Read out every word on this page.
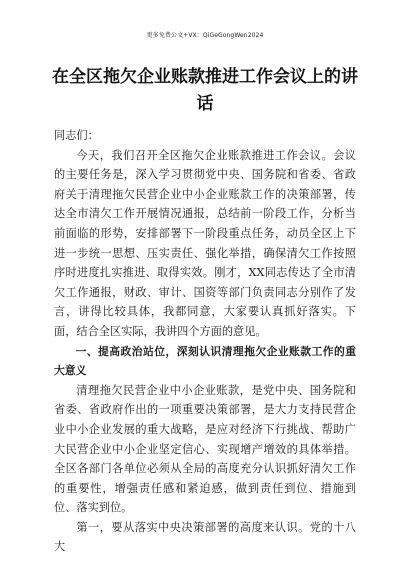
更多免费公文+VX：QiGeGongWen2024
在全区拖欠企业账款推进工作会议上的讲话

同志们：

今天，我们召开全区拖欠企业账款推进工作会议。会议的主要任务是，深入学习贯彻党中央、国务院和省委、省政府关于清理拖欠民营企业中小企业账款工作的决策部署，传达全市清欠工作开展情况通报，总结前一阶段工作，分析当前面临的形势，安排部署下一阶段重点任务，动员全区上下进一步统一思想、压实责任、强化举措，确保清欠工作按照序时进度扎实推进、取得实效。刚才，XX同志传达了全市清欠工作通报，财政、审计、国资等部门负责同志分别作了发言，讲得比较具体，我都同意，大家要认真抓好落实。下面，结合全区实际，我讲四个方面的意见。

一、提高政治站位，深刻认识清理拖欠企业账款工作的重大意义

清理拖欠民营企业中小企业账款，是党中央、国务院和省委、省政府作出的一项重要决策部署，是大力支持民营企业中小企业发展的重大战略，是应对经济下行挑战、帮助广大民营企业中小企业坚定信心、实现增产增效的具体举措。全区各部门各单位必须从全局的高度充分认识抓好清欠工作的重要性，增强责任感和紧迫感，做到责任到位、措施到位、落实到位。

第一，要从落实中央决策部署的高度来认识。党的十八大
